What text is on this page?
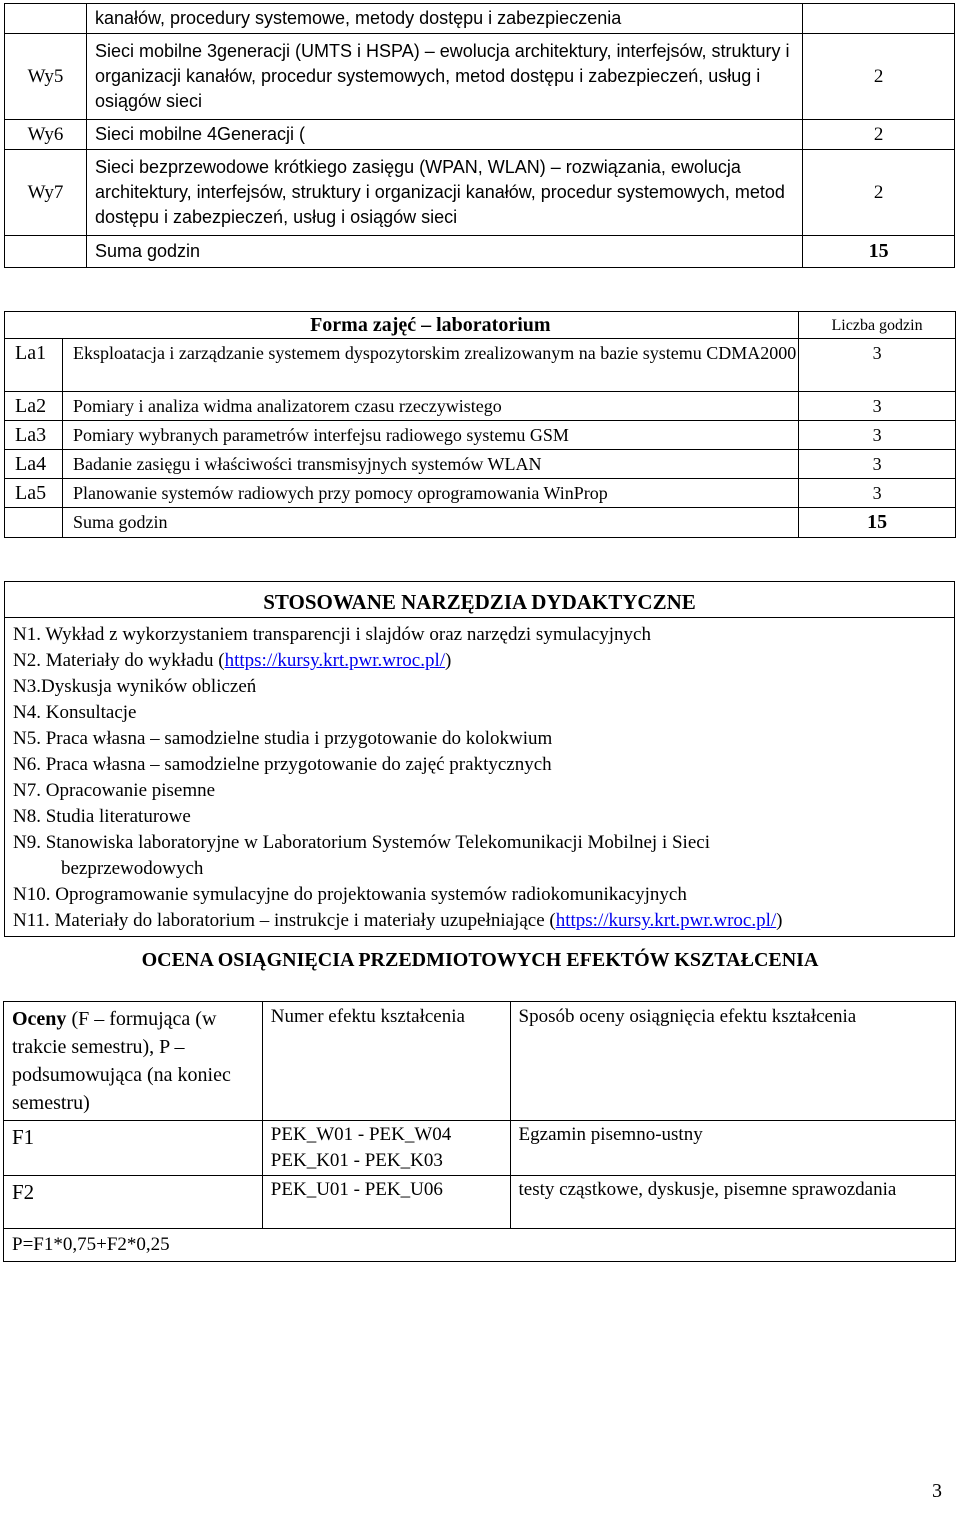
	kanałów, procedury systemowe, metody dostępu i zabezpieczenia	
Wy5	Sieci mobilne 3generacji (UMTS i HSPA) – ewolucja architektury, interfejsów, struktury i organizacji kanałów, procedur systemowych, metod dostępu i zabezpieczeń, usług i osiągów sieci	2
Wy6	Sieci mobilne 4Generacji (	2
Wy7	Sieci bezprzewodowe krótkiego zasięgu (WPAN, WLAN) – rozwiązania, ewolucja architektury, interfejsów, struktury i organizacji kanałów, procedur systemowych, metod dostępu i zabezpieczeń, usług i osiągów sieci	2
	Suma godzin	15
	Forma zajęć – laboratorium	Liczba godzin
La1	Eksploatacja i zarządzanie systemem dyspozytorskim zrealizowanym na bazie systemu CDMA2000	3
La2	Pomiary i analiza widma analizatorem czasu rzeczywistego	3
La3	Pomiary wybranych parametrów interfejsu radiowego systemu GSM	3
La4	Badanie zasięgu i właściwości transmisyjnych systemów WLAN	3
La5	Planowanie systemów radiowych przy pomocy oprogramowania WinProp	3
	Suma godzin	15
STOSOWANE NARZĘDZIA DYDAKTYCZNE

N1. Wykład z wykorzystaniem transparencji i slajdów oraz narzędzi symulacyjnych
N2. Materiały do wykładu (https://kursy.krt.pwr.wroc.pl/)
N3.Dyskusja wyników obliczeń
N4. Konsultacje
N5. Praca własna – samodzielne studia i przygotowanie do kolokwium
N6. Praca własna – samodzielne przygotowanie do zajęć praktycznych
N7. Opracowanie pisemne
N8. Studia literaturowe
N9. Stanowiska laboratoryjne w Laboratorium Systemów Telekomunikacji Mobilnej i Sieci
bezprzewodowych
N10. Oprogramowanie symulacyjne do projektowania systemów radiokomunikacyjnych
N11. Materiały do laboratorium – instrukcje i materiały uzupełniające (https://kursy.krt.pwr.wroc.pl/)
OCENA OSIĄGNIĘCIA PRZEDMIOTOWYCH EFEKTÓW KSZTAŁCENIA
Oceny (F – formująca (w trakcie semestru), P – podsumowująca (na koniec semestru)	Numer efektu kształcenia	Sposób oceny osiągnięcia efektu kształcenia
F1	PEK_W01 - PEK_W04 PEK_K01 - PEK_K03	Egzamin pisemno-ustny
F2	PEK_U01 - PEK_U06	testy cząstkowe, dyskusje, pisemne sprawozdania
P=F1*0,75+F2*0,25		
3
